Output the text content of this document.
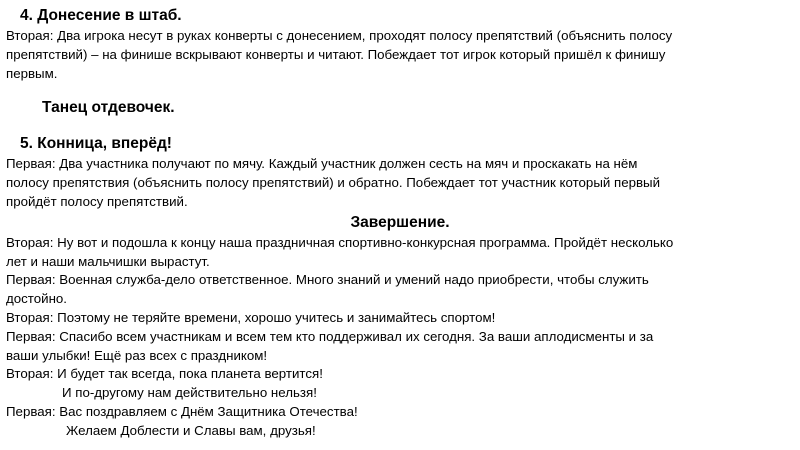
4. Донесение в штаб.
Вторая: Два игрока несут в руках конверты с донесением, проходят полосу препятствий (объяснить полосу
препятствий) – на финише вскрывают конверты и читают. Побеждает тот игрок который пришёл к финишу
первым.
Танец отдевочек.
5. Конница, вперёд!
Первая: Два участника получают по мячу. Каждый участник должен сесть на мяч и проскакать на нём
полосу препятствия (объяснить полосу препятствий) и обратно. Побеждает тот участник который первый
пройдёт полосу препятствий.
Завершение.
Вторая: Ну вот и подошла к концу наша праздничная спортивно-конкурсная программа. Пройдёт несколько
лет и наши мальчишки вырастут.
Первая: Военная служба-дело ответственное. Много знаний и умений надо приобрести, чтобы служить
достойно.
Вторая: Поэтому не теряйте времени, хорошо учитесь и занимайтесь спортом!
Первая: Спасибо всем участникам и всем тем кто поддерживал их сегодня. За ваши аплодисменты и за
ваши улыбки! Ещё раз всех с праздником!
Вторая: И будет так всегда, пока планета вертится!
И по-другому нам действительно нельзя!
Первая: Вас поздравляем с Днём Защитника Отечества!
Желаем Доблести и Славы вам, друзья!
